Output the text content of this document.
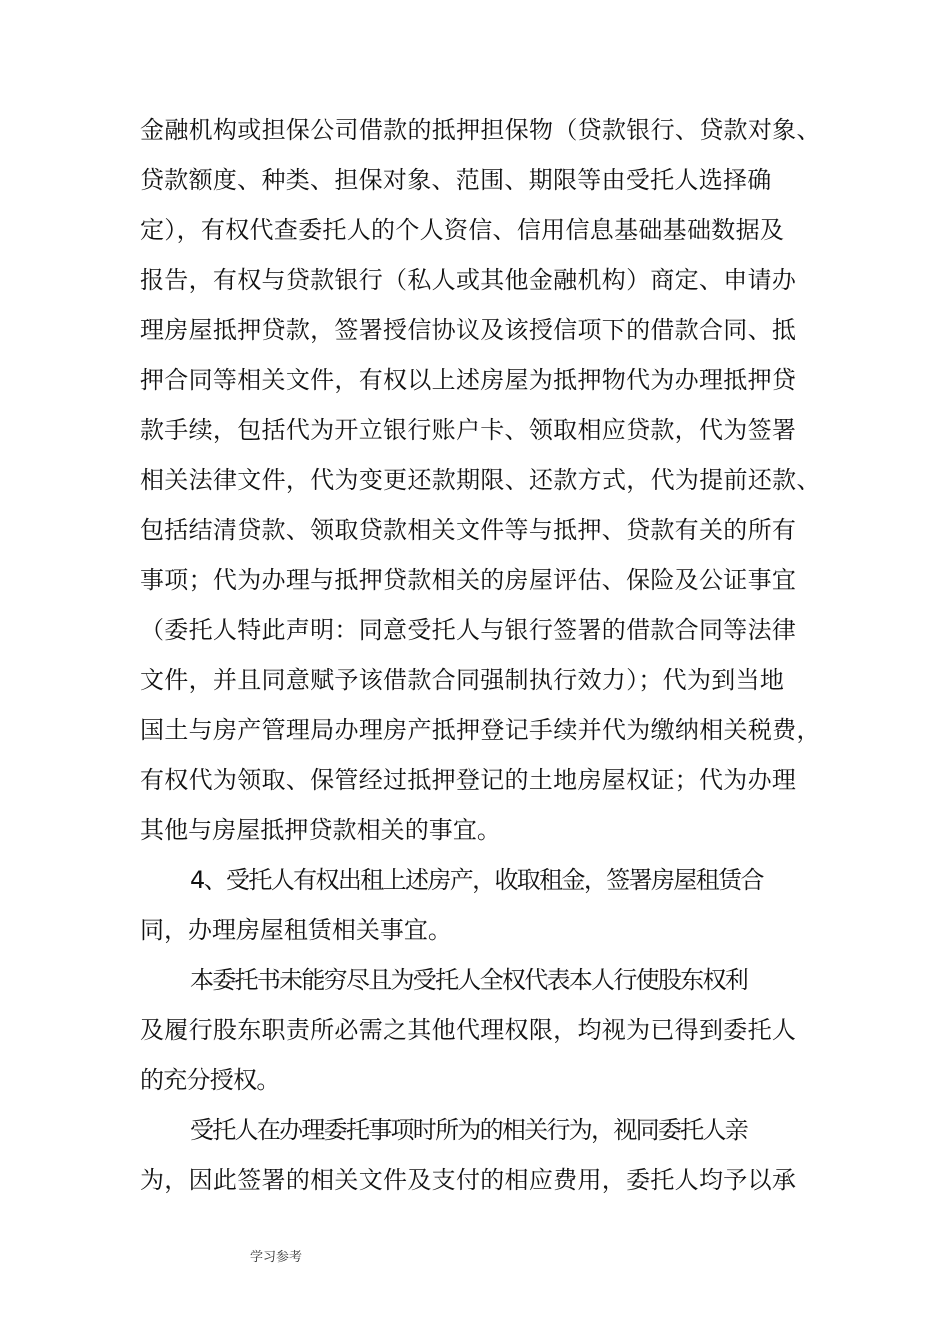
金融机构或担保公司借款的抵押担保物（贷款银行、贷款对象、
贷款额度、种类、担保对象、范围、期限等由受托人选择确
定），有权代查委托人的个人资信、信用信息基础基础数据及
报告，有权与贷款银行（私人或其他金融机构）商定、申请办
理房屋抵押贷款，签署授信协议及该授信项下的借款合同、抵
押合同等相关文件，有权以上述房屋为抵押物代为办理抵押贷
款手续，包括代为开立银行账户卡、领取相应贷款，代为签署
相关法律文件，代为变更还款期限、还款方式，代为提前还款、
包括结清贷款、领取贷款相关文件等与抵押、贷款有关的所有
事项；代为办理与抵押贷款相关的房屋评估、保险及公证事宜
（委托人特此声明：同意受托人与银行签署的借款合同等法律
文件，并且同意赋予该借款合同强制执行效力）；代为到当地
国土与房产管理局办理房产抵押登记手续并代为缴纳相关税费，
有权代为领取、保管经过抵押登记的土地房屋权证；代为办理
其他与房屋抵押贷款相关的事宜。
4、受托人有权出租上述房产，收取租金，签署房屋租赁合
同，办理房屋租赁相关事宜。
本委托书未能穷尽且为受托人全权代表本人行使股东权利
及履行股东职责所必需之其他代理权限，均视为已得到委托人
的充分授权。
受托人在办理委托事项时所为的相关行为，视同委托人亲
为，因此签署的相关文件及支付的相应费用，委托人均予以承
学习参考
